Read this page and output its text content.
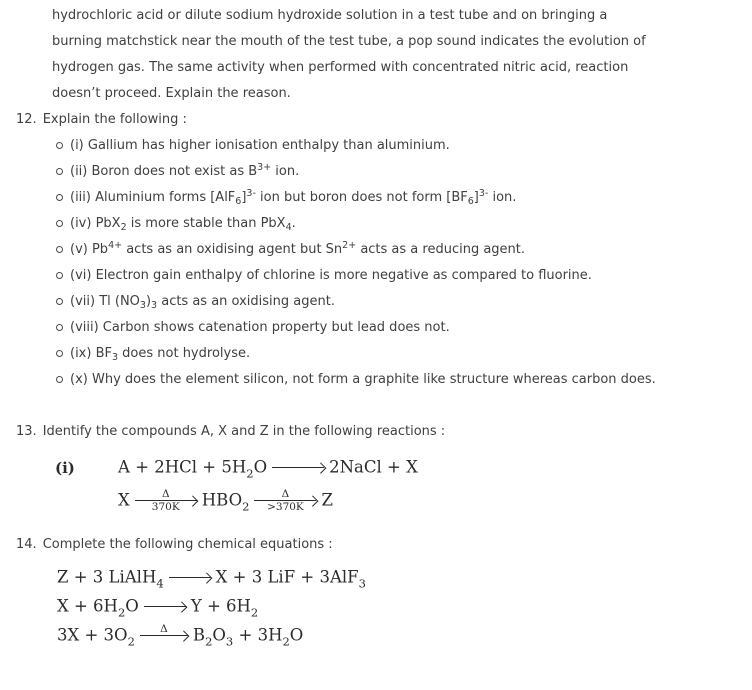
hydrochloric acid or dilute sodium hydroxide solution in a test tube and on bringing a
burning matchstick near the mouth of the test tube, a pop sound indicates the evolution of
hydrogen gas. The same activity when performed with concentrated nitric acid, reaction
doesn’t proceed. Explain the reason.
12. Explain the following :
(i) Gallium has higher ionisation enthalpy than aluminium.
(ii) Boron does not exist as $B^{3+}$ ion.
(iii) Aluminium forms $[AlF_6]^{3-}$ ion but boron does not form $[BF_6]^{3-}$ ion.
(iv) PbX$_2$ is more stable than PbX$_4$.
(v) $Pb^{4+}$ acts as an oxidising agent but $Sn^{2+}$ acts as a reducing agent.
(vi) Electron gain enthalpy of chlorine is more negative as compared to fluorine.
(vii) Tl $(NO_3)_3$ acts as an oxidising agent.
(viii) Carbon shows catenation property but lead does not.
(ix) $BF_3$ does not hydrolyse.
(x) Why does the element silicon, not form a graphite like structure whereas carbon does.
13. Identify the compounds A, X and Z in the following reactions :
(i)	$A + 2HCl + 5H_2O$	2NaCl + X
X $\frac{\Delta}{370K} HBO_2 \frac{\Delta}{>370K}$ Z
14. Complete the following chemical equations :
Z + 3 LiAlH$_4$	X + 3 LiF + 3AlF$_3$
$X + 6H_2O$	$Y + 6H_2$
$3X + 3O_2$
Δ $B_2O_3 + 3H_2O$
